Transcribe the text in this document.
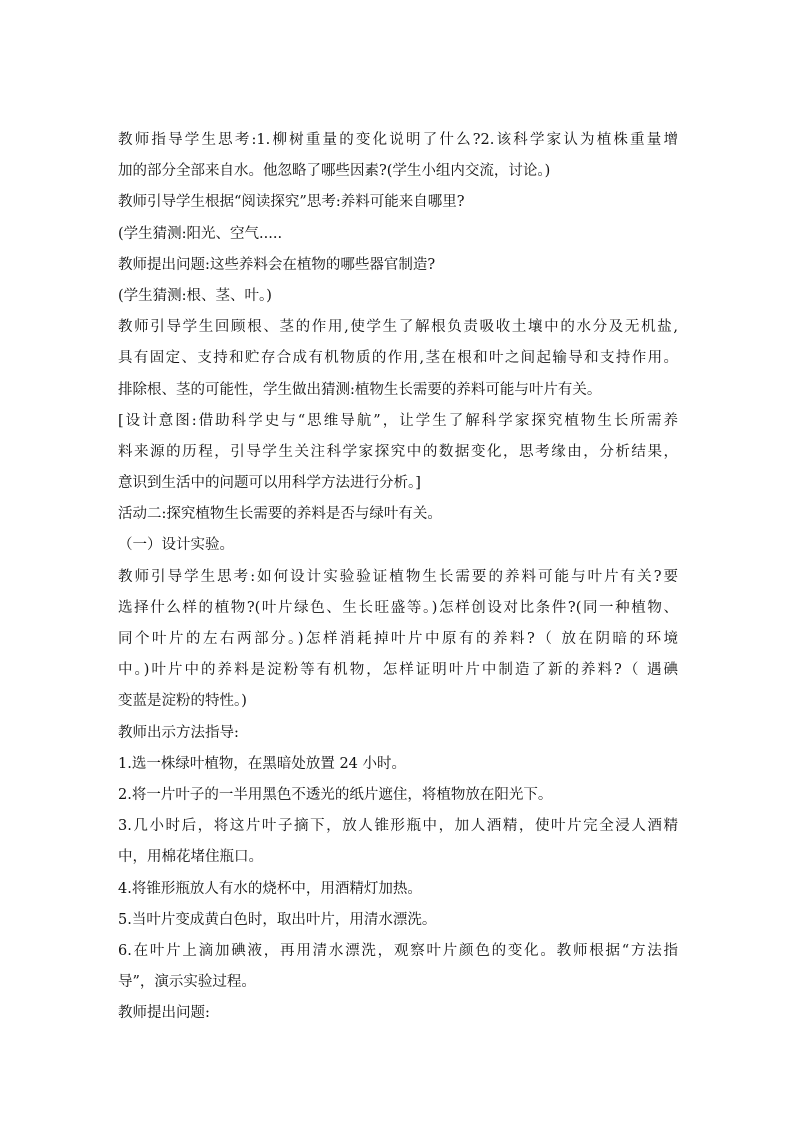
教师指导学生思考:1.柳树重量的变化说明了什么?2.该科学家认为植株重量增
加的部分全部来自水。他忽略了哪些因素?(学生小组内交流，讨论。)
教师引导学生根据“阅读探究”思考:养料可能来自哪里?
(学生猜测:阳光、空气.....
教师提出问题:这些养料会在植物的哪些器官制造?
(学生猜测:根、茎、叶。)
教师引导学生回顾根、茎的作用,使学生了解根负责吸收土壤中的水分及无机盐,
具有固定、支持和贮存合成有机物质的作用,茎在根和叶之间起输导和支持作用。
排除根、茎的可能性，学生做出猜测:植物生长需要的养料可能与叶片有关。
[设计意图:借助科学史与“思维导航”，让学生了解科学家探究植物生长所需养
料来源的历程，引导学生关注科学家探究中的数据变化，思考缘由，分析结果，
意识到生活中的问题可以用科学方法进行分析。]
活动二:探究植物生长需要的养料是否与绿叶有关。
（一）设计实验。
教师引导学生思考:如何设计实验验证植物生长需要的养料可能与叶片有关?要
选择什么样的植物?(叶片绿色、生长旺盛等。)怎样创设对比条件?(同一种植物、
同个叶片的左右两部分。)怎样消耗掉叶片中原有的养料?（ 放在阴暗的环境
中。)叶片中的养料是淀粉等有机物，怎样证明叶片中制造了新的养料?（ 遇碘
变蓝是淀粉的特性。)
教师出示方法指导:
1.选一株绿叶植物，在黑暗处放置 24 小时。
2.将一片叶子的一半用黑色不透光的纸片遮住，将植物放在阳光下。
3.几小时后，将这片叶子摘下，放人锥形瓶中，加人酒精，使叶片完全浸人酒精
中，用棉花堵住瓶口。
4.将锥形瓶放人有水的烧杯中，用酒精灯加热。
5.当叶片变成黄白色时，取出叶片，用清水漂洗。
6.在叶片上滴加碘液，再用清水漂洗，观察叶片颜色的变化。教师根据“方法指
导”，演示实验过程。
教师提出问题:
